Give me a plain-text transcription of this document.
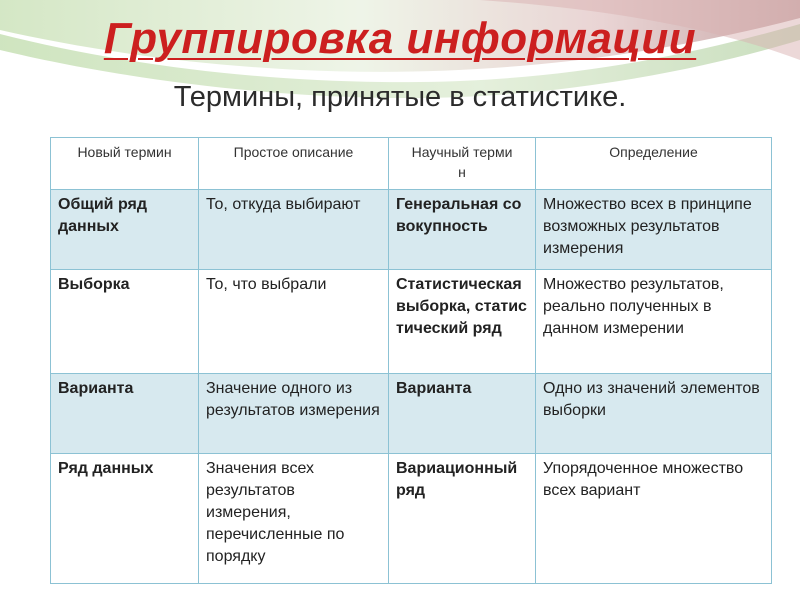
Группировка информации
Термины, принятые в статистике.
Новый термин	Простое описание	Научный термин	Определение
Общий ряд данных	То, откуда выбирают	Генеральная совокупность	Множество всех в принципе возможных результатов измерения
Выборка	То, что выбрали	Статистическая выборка, статистический ряд	Множество результатов, реально полученных в данном измерении
Варианта	Значение одного из результатов измерения	Варианта	Одно из значений элементов выборки
Ряд данных	Значения всех результатов измерения, перечисленные по порядку	Вариационный ряд	Упорядоченное множество всех вариант
